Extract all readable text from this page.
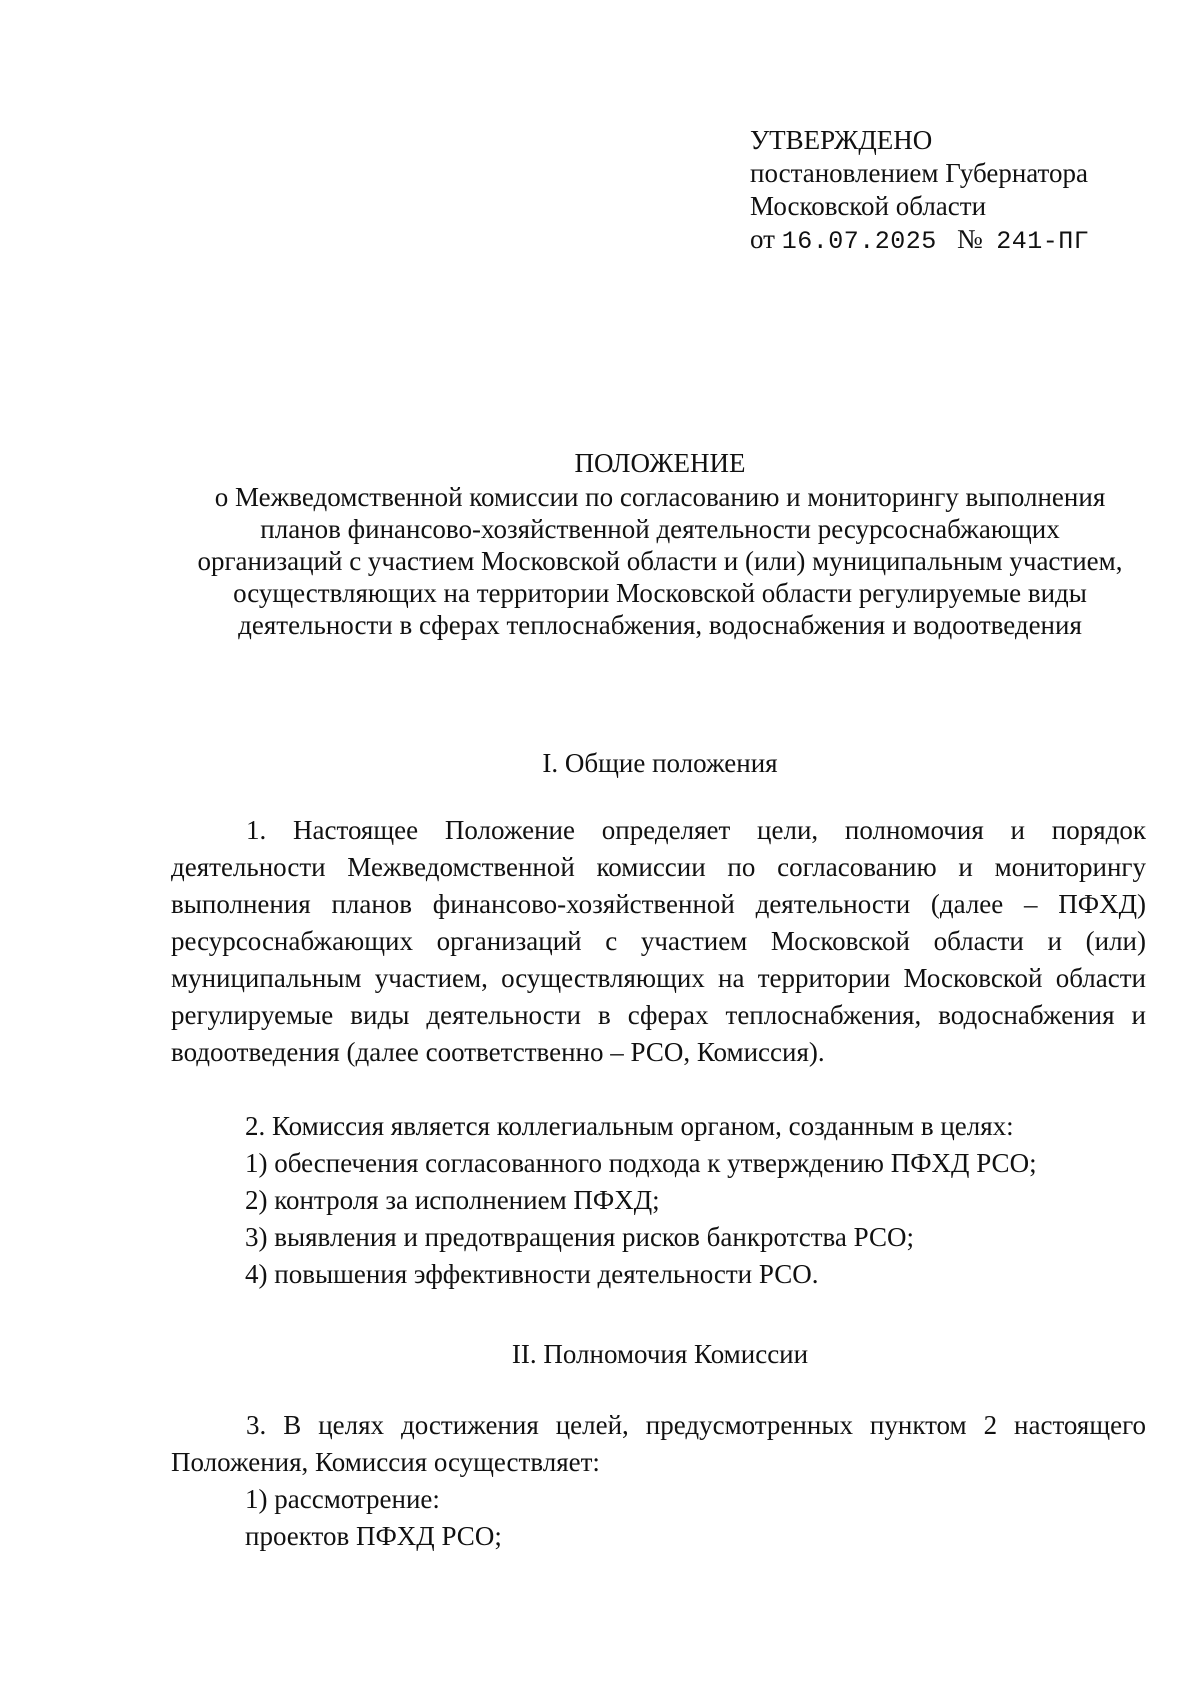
УТВЕРЖДЕНО
постановлением Губернатора
Московской области
от 16.07.2025 № 241-ПГ
ПОЛОЖЕНИЕ
о Межведомственной комиссии по согласованию и мониторингу выполнения
планов финансово-хозяйственной деятельности ресурсоснабжающих
организаций с участием Московской области и (или) муниципальным участием,
осуществляющих на территории Московской области регулируемые виды
деятельности в сферах теплоснабжения, водоснабжения и водоотведения
I. Общие положения
1. Настоящее Положение определяет цели, полномочия и порядок деятельности Межведомственной комиссии по согласованию и мониторингу выполнения планов финансово-хозяйственной деятельности (далее – ПФХД) ресурсоснабжающих организаций с участием Московской области и (или) муниципальным участием, осуществляющих на территории Московской области регулируемые виды деятельности в сферах теплоснабжения, водоснабжения и водоотведения (далее соответственно – РСО, Комиссия).
2. Комиссия является коллегиальным органом, созданным в целях:
1) обеспечения согласованного подхода к утверждению ПФХД РСО;
2) контроля за исполнением ПФХД;
3) выявления и предотвращения рисков банкротства РСО;
4) повышения эффективности деятельности РСО.
II. Полномочия Комиссии
3. В целях достижения целей, предусмотренных пунктом 2 настоящего Положения, Комиссия осуществляет:
1) рассмотрение:
проектов ПФХД РСО;
